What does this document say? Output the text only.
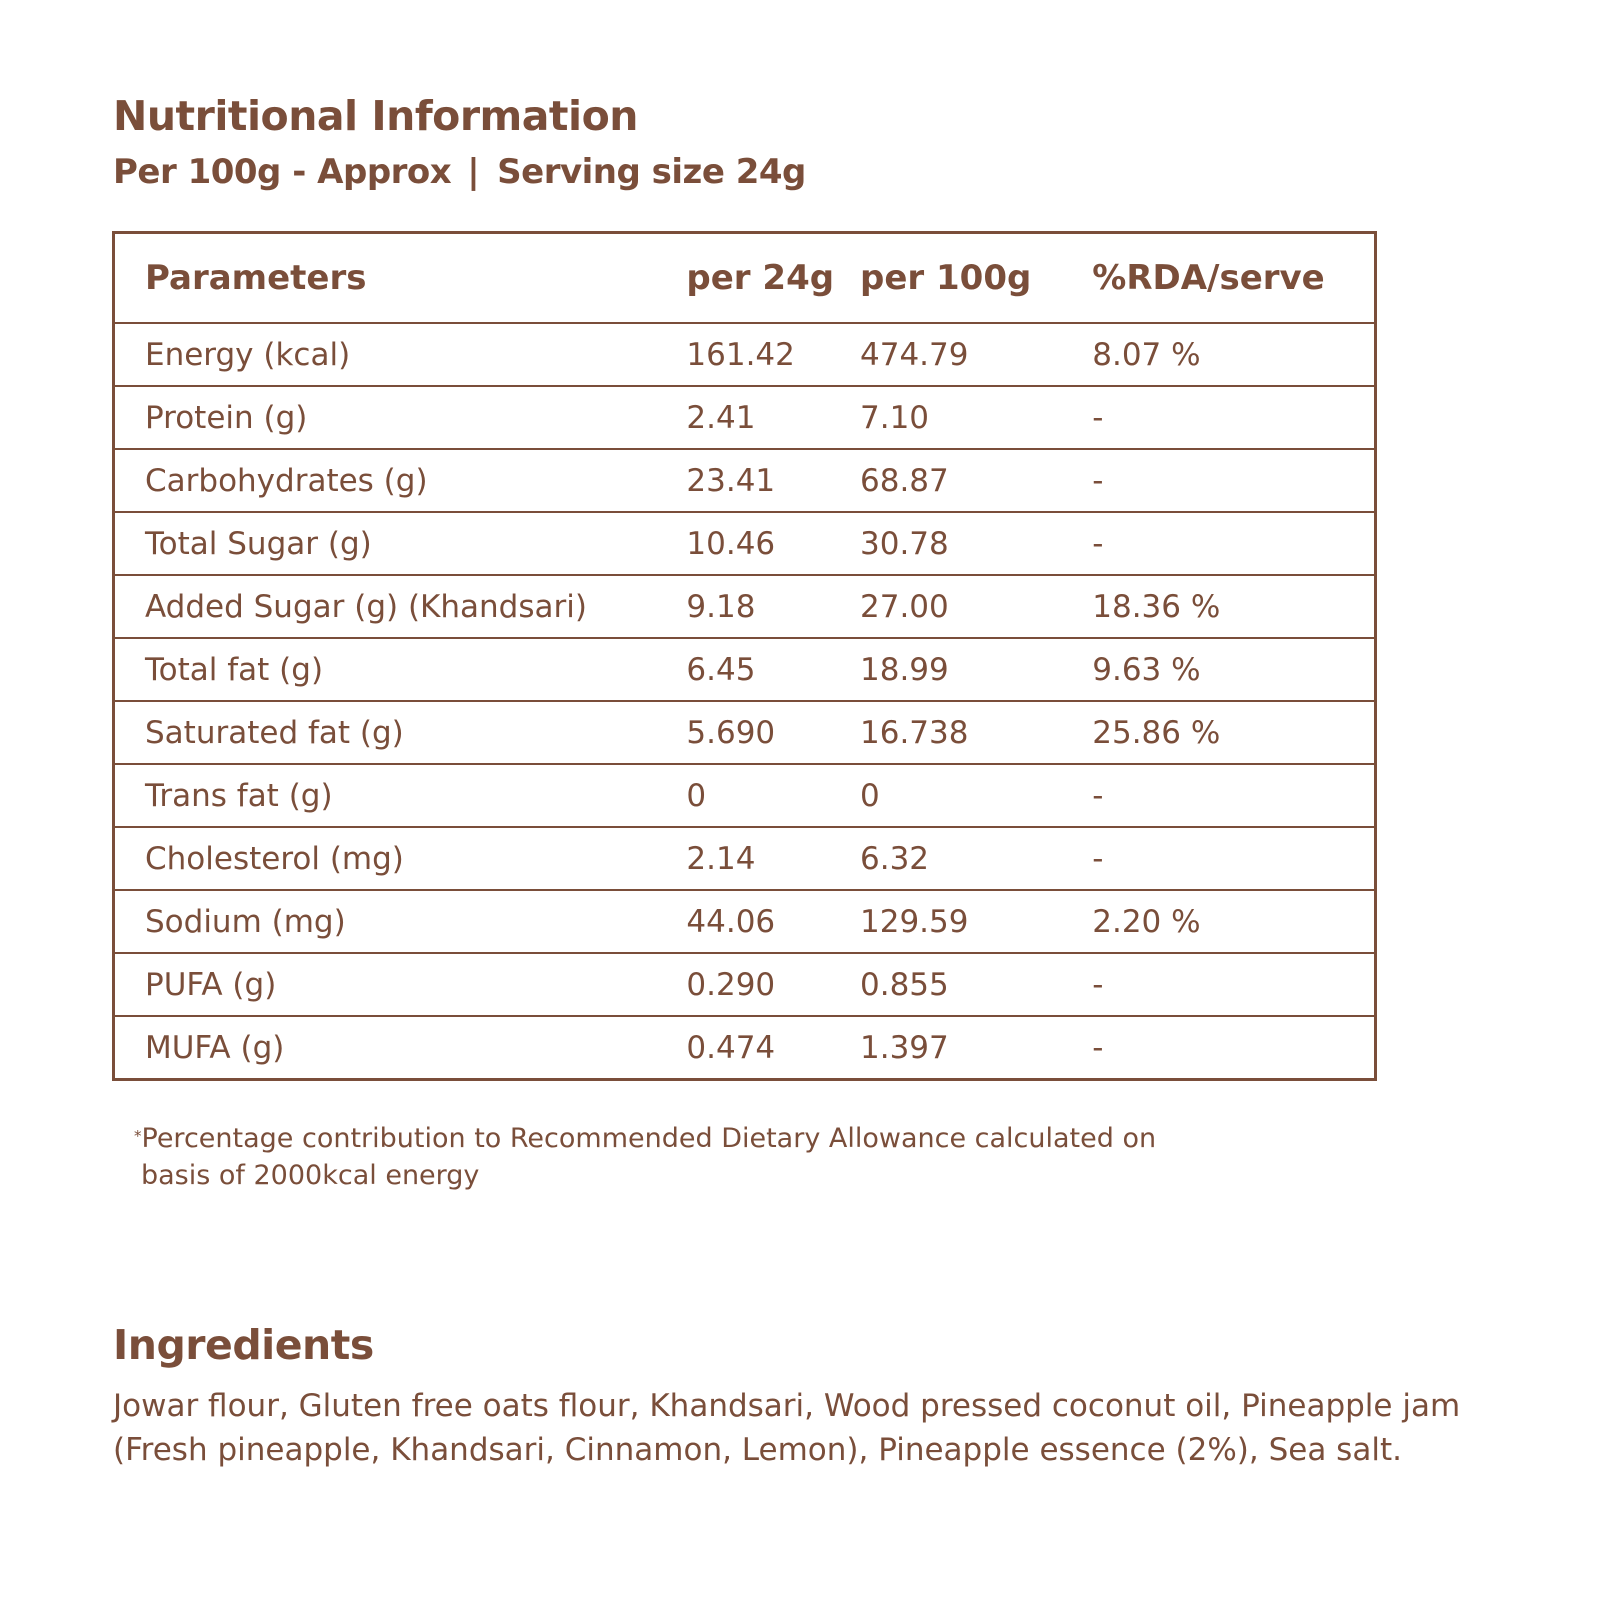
Nutritional Information

Per 100g - Approx | Serving size 24g

Parameters	per 24g	per 100g	%RDA/serve
Energy (kcal)	161.42	474.79	8.07 %
Protein (g)	2.41	7.10	-
Carbohydrates (g)	23.41	68.87	-
Total Sugar (g)	10.46	30.78	-
Added Sugar (g) (Khandsari)	9.18	27.00	18.36 %
Total fat (g)	6.45	18.99	9.63 %
Saturated fat (g)	5.690	16.738	25.86 %
Trans fat (g)	0	0	-
Cholesterol (mg)	2.14	6.32	-
Sodium (mg)	44.06	129.59	2.20 %
PUFA (g)	0.290	0.855	-
MUFA (g)	0.474	1.397	-

*Percentage contribution to Recommended Dietary Allowance calculated on
basis of 2000kcal energy

Ingredients

Jowar flour, Gluten free oats flour, Khandsari, Wood pressed coconut oil, Pineapple jam (Fresh pineapple, Khandsari, Cinnamon, Lemon), Pineapple essence (2%), Sea salt.
